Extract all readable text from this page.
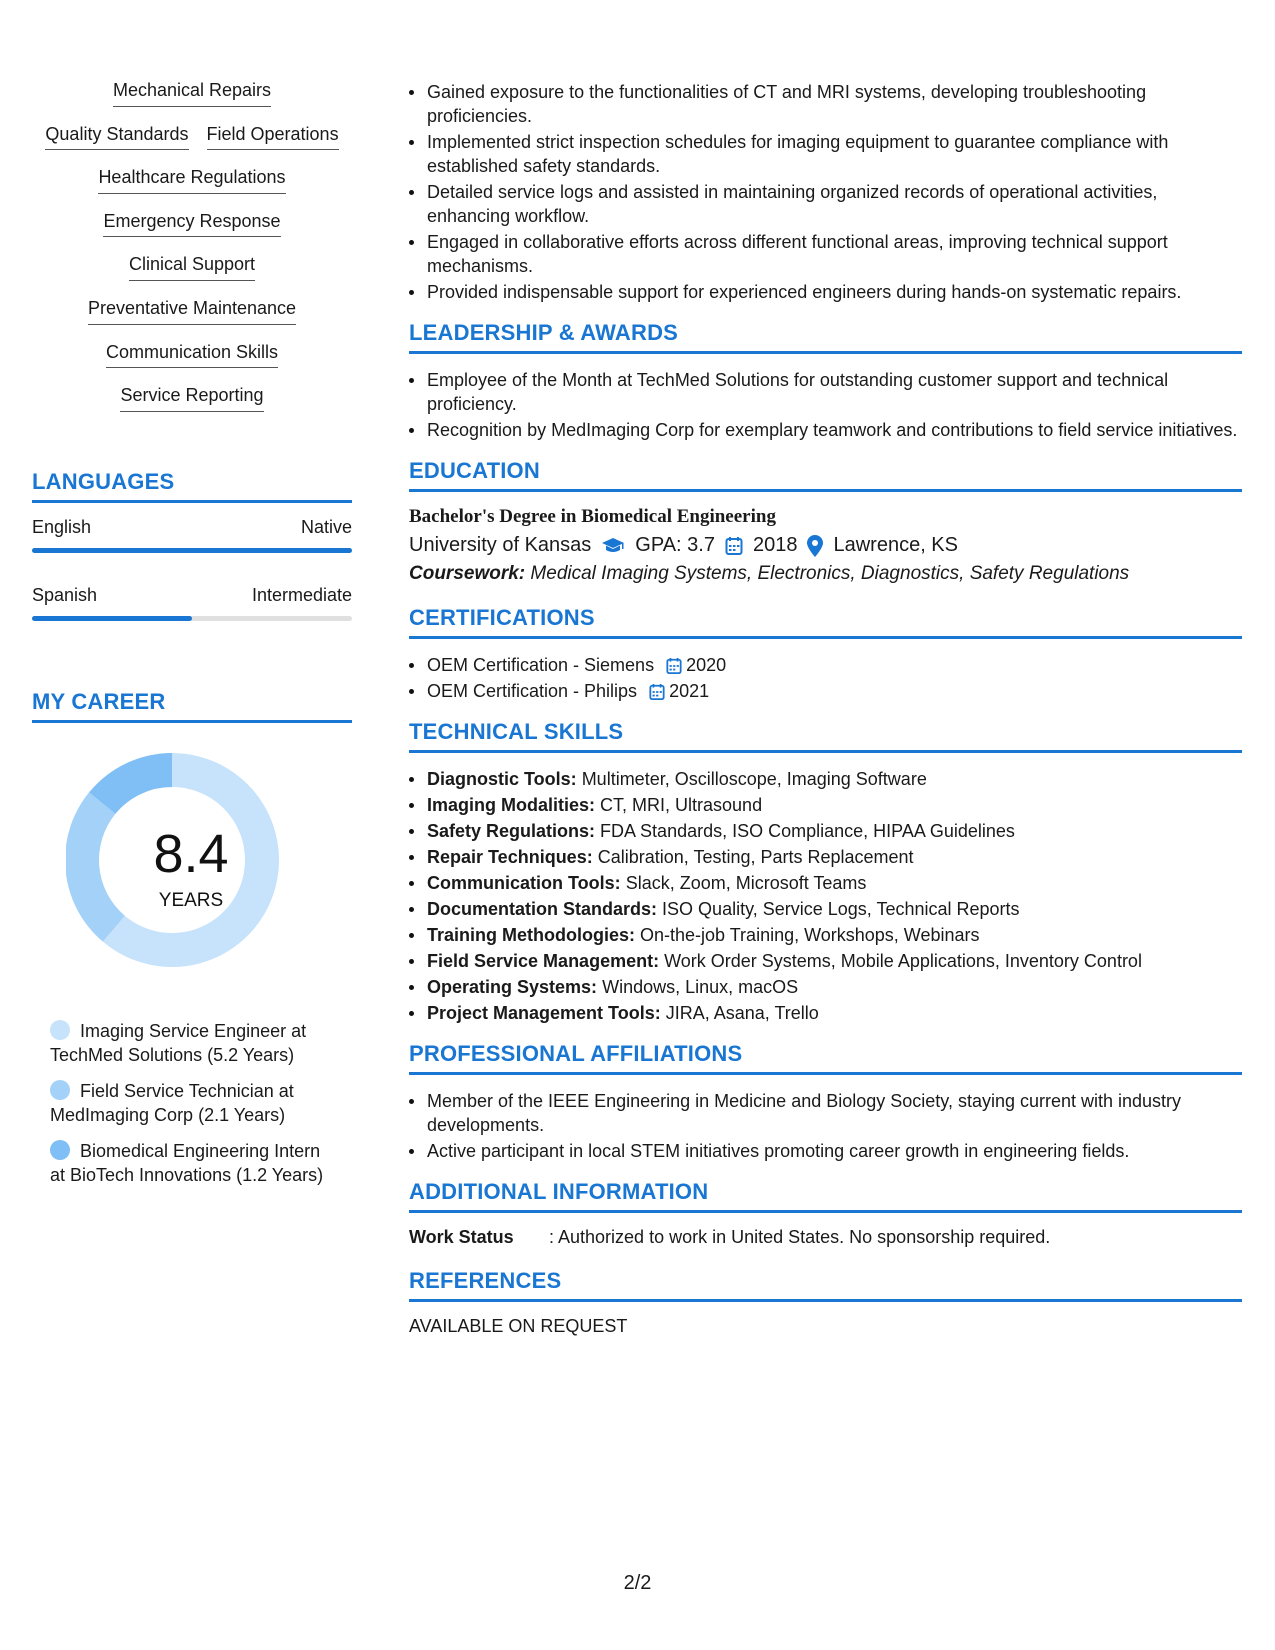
Mechanical Repairs
Quality Standards Field Operations
Healthcare Regulations
Emergency Response
Clinical Support
Preventative Maintenance
Communication Skills
Service Reporting
LANGUAGES
English	Native
Spanish	Intermediate
MY CAREER
8.4
YEARS
Imaging Service Engineer at TechMed Solutions (5.2 Years)
Field Service Technician at MedImaging Corp (2.1 Years)
Biomedical Engineering Intern at BioTech Innovations (1.2 Years)
Gained exposure to the functionalities of CT and MRI systems, developing troubleshooting proficiencies.
Implemented strict inspection schedules for imaging equipment to guarantee compliance with established safety standards.
Detailed service logs and assisted in maintaining organized records of operational activities, enhancing workflow.
Engaged in collaborative efforts across different functional areas, improving technical support mechanisms.
Provided indispensable support for experienced engineers during hands-on systematic repairs.
LEADERSHIP & AWARDS
Employee of the Month at TechMed Solutions for outstanding customer support and technical proficiency.
Recognition by MedImaging Corp for exemplary teamwork and contributions to field service initiatives.
EDUCATION
Bachelor's Degree in Biomedical Engineering
University of Kansas GPA: 3.7 2018 Lawrence, KS
Coursework: Medical Imaging Systems, Electronics, Diagnostics, Safety Regulations
CERTIFICATIONS
OEM Certification - Siemens 2020
OEM Certification - Philips 2021
TECHNICAL SKILLS
Diagnostic Tools: Multimeter, Oscilloscope, Imaging Software
Imaging Modalities: CT, MRI, Ultrasound
Safety Regulations: FDA Standards, ISO Compliance, HIPAA Guidelines
Repair Techniques: Calibration, Testing, Parts Replacement
Communication Tools: Slack, Zoom, Microsoft Teams
Documentation Standards: ISO Quality, Service Logs, Technical Reports
Training Methodologies: On-the-job Training, Workshops, Webinars
Field Service Management: Work Order Systems, Mobile Applications, Inventory Control
Operating Systems: Windows, Linux, macOS
Project Management Tools: JIRA, Asana, Trello
PROFESSIONAL AFFILIATIONS
Member of the IEEE Engineering in Medicine and Biology Society, staying current with industry developments.
Active participant in local STEM initiatives promoting career growth in engineering fields.
ADDITIONAL INFORMATION
Work Status	: Authorized to work in United States. No sponsorship required.
REFERENCES
AVAILABLE ON REQUEST
2/2
